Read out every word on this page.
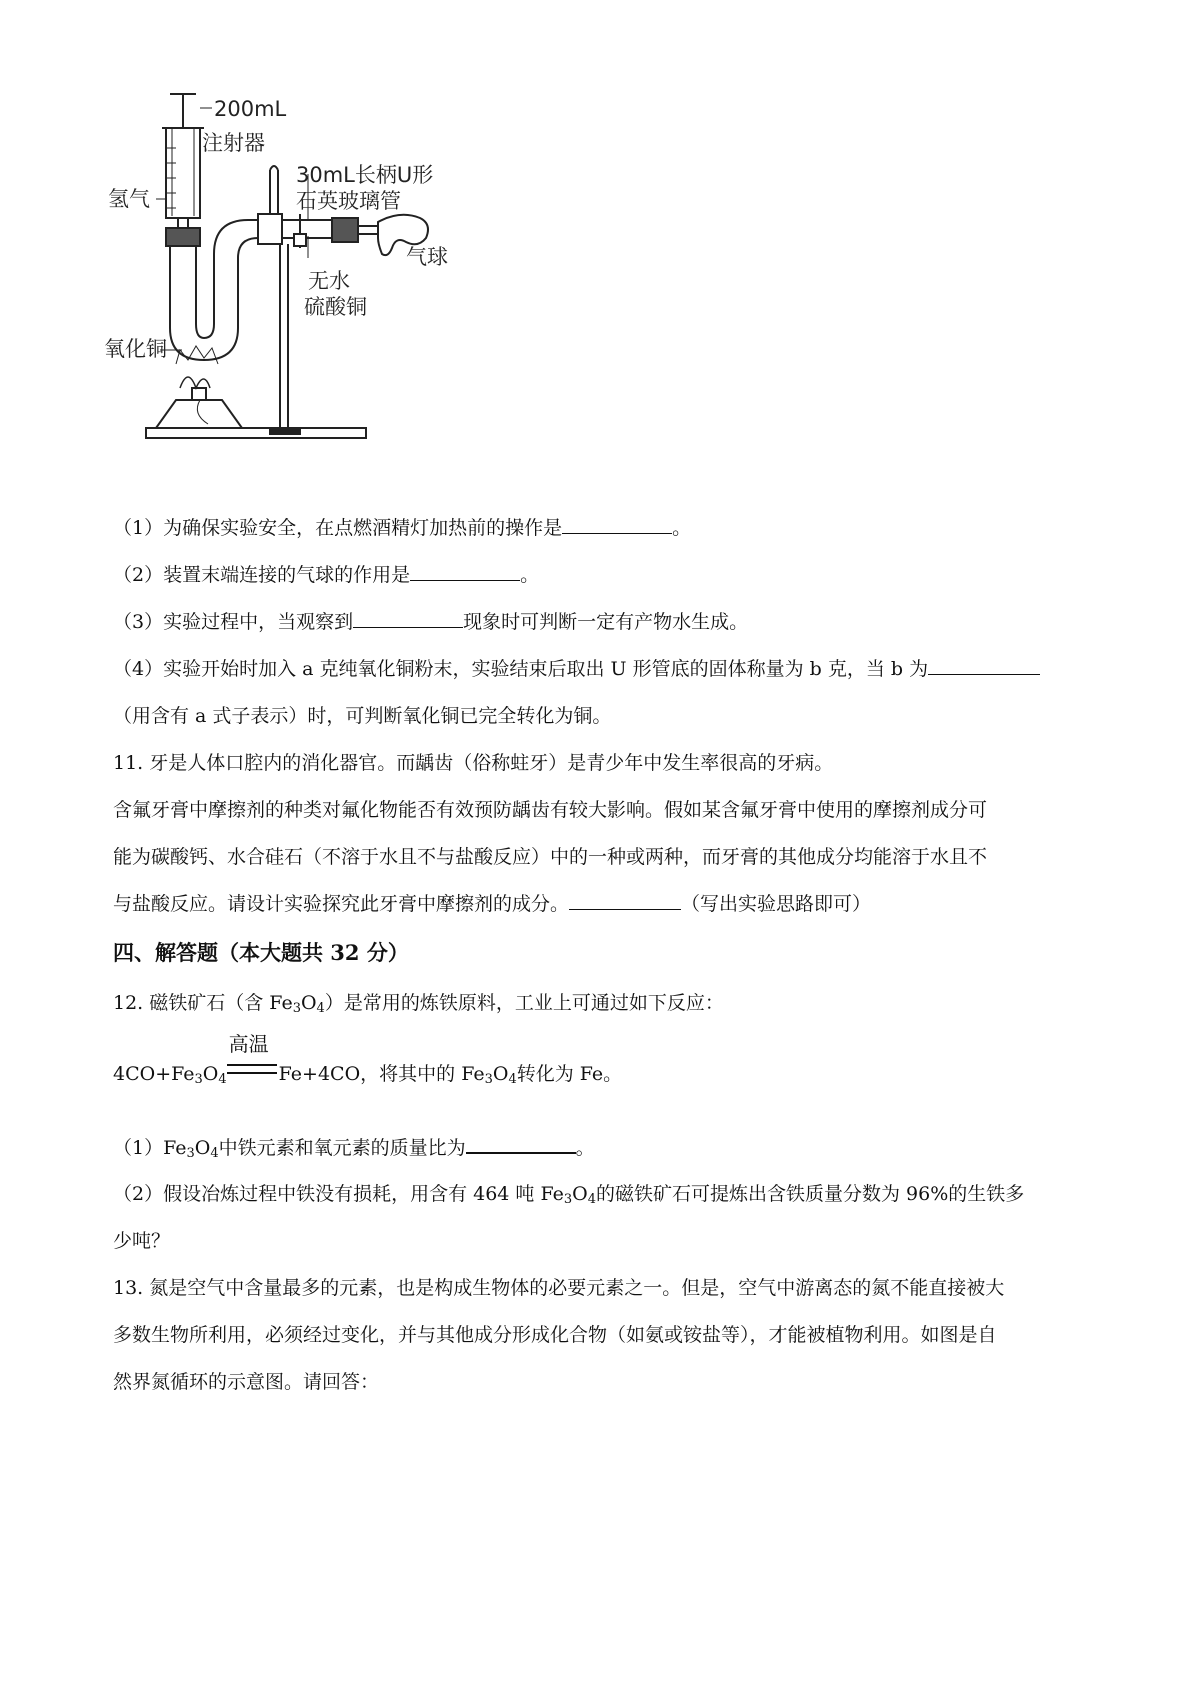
200mL
注射器
氢气
30mL长柄U形
石英玻璃管
气球
无水
硫酸铜
氧化铜
（1）为确保实验安全，在点燃酒精灯加热前的操作是	。
（2）装置末端连接的气球的作用是	。
（3）实验过程中，当观察到	现象时可判断一定有产物水生成。
（4）实验开始时加入 a 克纯氧化铜粉末，实验结束后取出 U 形管底的固体称量为 b 克，当 b 为
（用含有 a 式子表示）时，可判断氧化铜已完全转化为铜。
11. 牙是人体口腔内的消化器官。而龋齿（俗称蛀牙）是青少年中发生率很高的牙病。
含氟牙膏中摩擦剂的种类对氟化物能否有效预防龋齿有较大影响。假如某含氟牙膏中使用的摩擦剂成分可
能为碳酸钙、水合硅石（不溶于水且不与盐酸反应）中的一种或两种，而牙膏的其他成分均能溶于水且不
与盐酸反应。请设计实验探究此牙膏中摩擦剂的成分。	（写出实验思路即可）
四、解答题（本大题共 32 分）
12. 磁铁矿石（含 $Fe_3O_4$）是常用的炼铁原料，工业上可通过如下反应：
$4CO+Fe_3O_4$
高温
Fe+4CO，将其中的 $Fe_3O_4$转化为 Fe。
$(1)Fe_3O_4$中铁元素和氧元素的质量比为	。
（2）假设冶炼过程中铁没有损耗，用含有 464 吨 $Fe_3O_4$的磁铁矿石可提炼出含铁质量分数为 96%的生铁多
少吨？
13. 氮是空气中含量最多的元素，也是构成生物体的必要元素之一。但是，空气中游离态的氮不能直接被大
多数生物所利用，必须经过变化，并与其他成分形成化合物（如氨或铵盐等），才能被植物利用。如图是自
然界氮循环的示意图。请回答：
